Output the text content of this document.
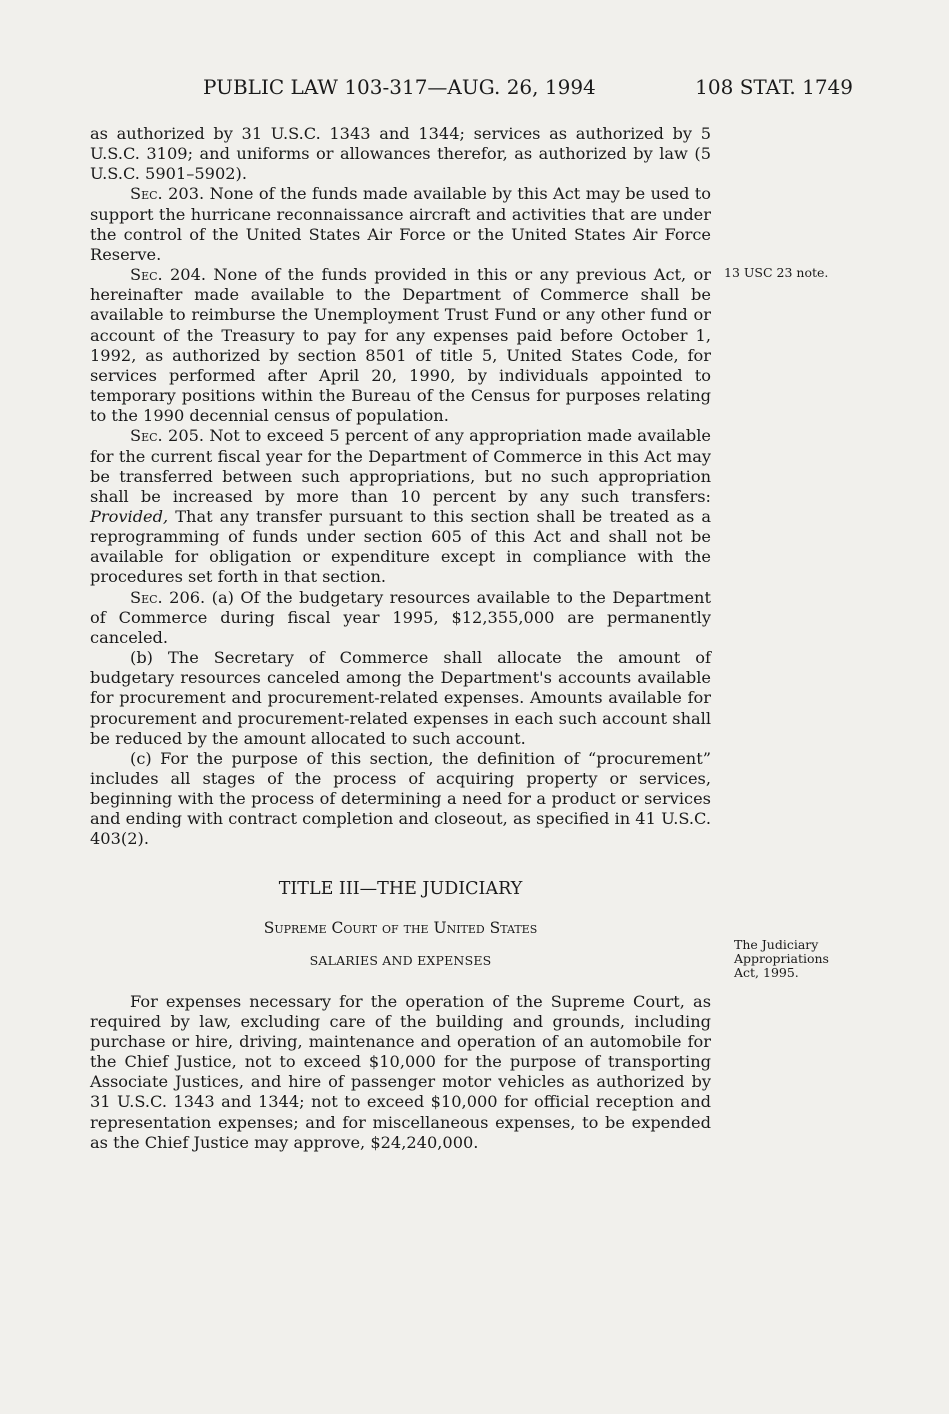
PUBLIC LAW 103-317—AUG. 26, 1994	108 STAT. 1749

as authorized by 31 U.S.C. 1343 and 1344; services as authorized by 5 U.S.C. 3109; and uniforms or allowances therefor, as authorized by law (5 U.S.C. 5901–5902).

Sec. 203. None of the funds made available by this Act may be used to support the hurricane reconnaissance aircraft and activities that are under the control of the United States Air Force or the United States Air Force Reserve.

Sec. 204. None of the funds provided in this or any previous Act, or hereinafter made available to the Department of Commerce shall be available to reimburse the Unemployment Trust Fund or any other fund or account of the Treasury to pay for any expenses paid before October 1, 1992, as authorized by section 8501 of title 5, United States Code, for services performed after April 20, 1990, by individuals appointed to temporary positions within the Bureau of the Census for purposes relating to the 1990 decennial census of population.

Sec. 205. Not to exceed 5 percent of any appropriation made available for the current fiscal year for the Department of Commerce in this Act may be transferred between such appropriations, but no such appropriation shall be increased by more than 10 percent by any such transfers: Provided, That any transfer pursuant to this section shall be treated as a reprogramming of funds under section 605 of this Act and shall not be available for obligation or expenditure except in compliance with the procedures set forth in that section.

Sec. 206. (a) Of the budgetary resources available to the Department of Commerce during fiscal year 1995, $12,355,000 are permanently canceled.

(b) The Secretary of Commerce shall allocate the amount of budgetary resources canceled among the Department's accounts available for procurement and procurement-related expenses. Amounts available for procurement and procurement-related expenses in each such account shall be reduced by the amount allocated to such account.

(c) For the purpose of this section, the definition of “procurement” includes all stages of the process of acquiring property or services, beginning with the process of determining a need for a product or services and ending with contract completion and closeout, as specified in 41 U.S.C. 403(2).

TITLE III—THE JUDICIARY

Supreme Court of the United States

SALARIES AND EXPENSES

For expenses necessary for the operation of the Supreme Court, as required by law, excluding care of the building and grounds, including purchase or hire, driving, maintenance and operation of an automobile for the Chief Justice, not to exceed $10,000 for the purpose of transporting Associate Justices, and hire of passenger motor vehicles as authorized by 31 U.S.C. 1343 and 1344; not to exceed $10,000 for official reception and representation expenses; and for miscellaneous expenses, to be expended as the Chief Justice may approve, $24,240,000.

13 USC 23 note.
The Judiciary
Appropriations
Act, 1995.
